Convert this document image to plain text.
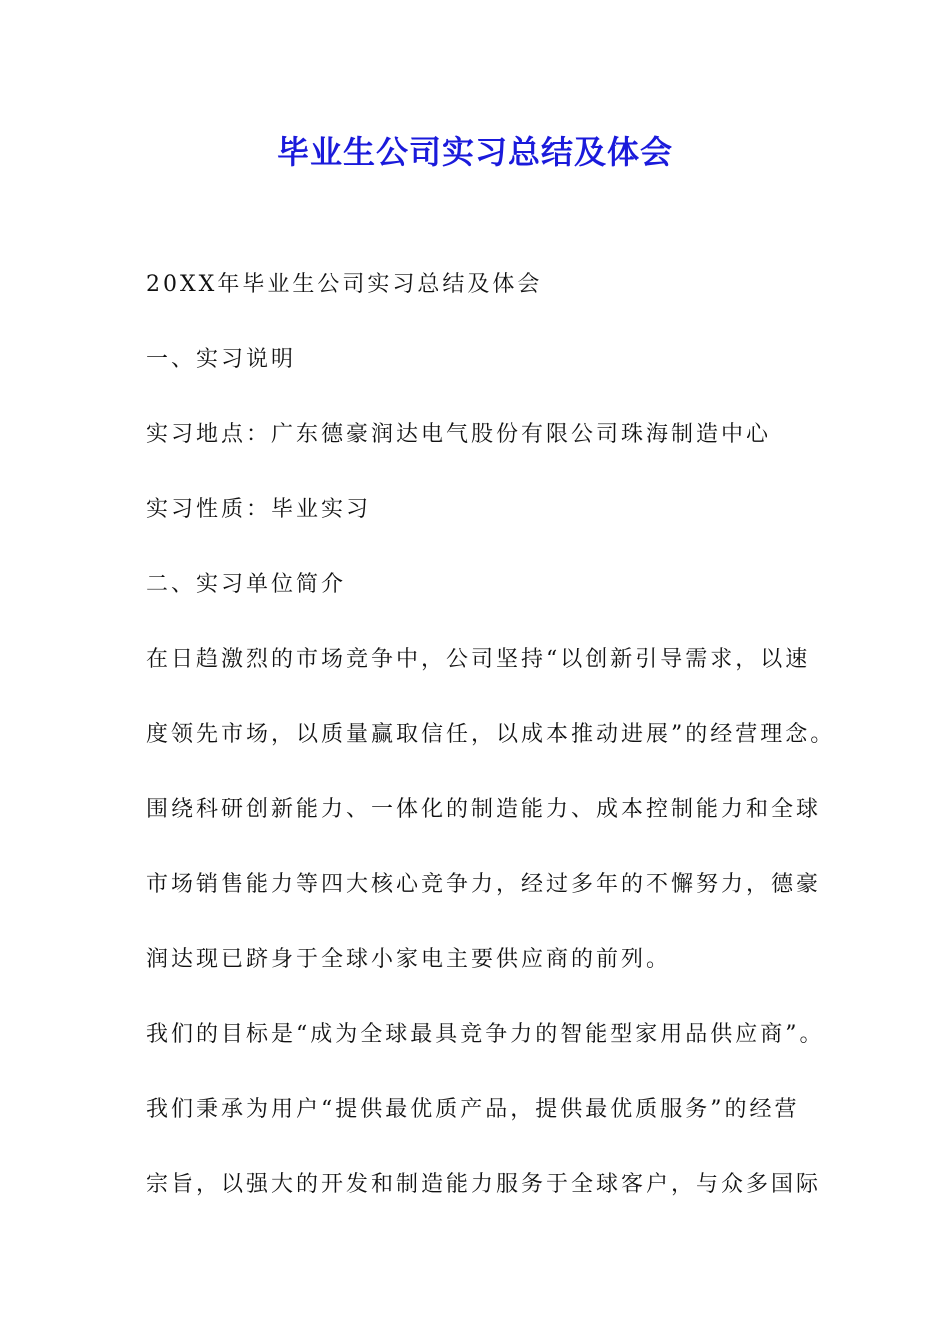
毕业生公司实习总结及体会
20XX年毕业生公司实习总结及体会
一、实习说明
实习地点：广东德豪润达电气股份有限公司珠海制造中心
实习性质：毕业实习
二、实习单位简介
在日趋激烈的市场竞争中，公司坚持“以创新引导需求，以速
度领先市场，以质量赢取信任，以成本推动进展”的经营理念。
围绕科研创新能力、一体化的制造能力、成本控制能力和全球
市场销售能力等四大核心竞争力，经过多年的不懈努力，德豪
润达现已跻身于全球小家电主要供应商的前列。
我们的目标是“成为全球最具竞争力的智能型家用品供应商”。
我们秉承为用户“提供最优质产品，提供最优质服务”的经营
宗旨，以强大的开发和制造能力服务于全球客户，与众多国际
